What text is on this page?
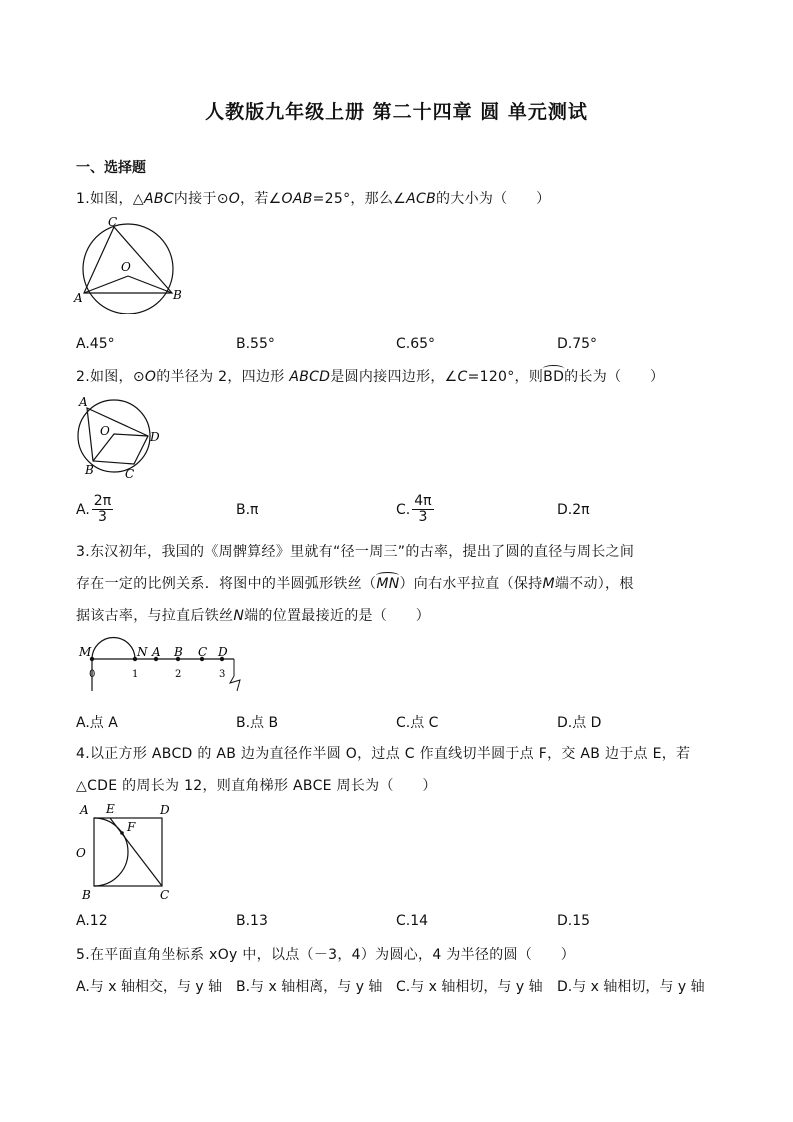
人教版九年级上册 第二十四章 圆 单元测试
一、选择题
1.如图，△ABC内接于⊙O，若∠OAB=25°，那么∠ACB的大小为（　　）
C
O
A	B
A.45°	B.55°	C.65°	D.75°
2.如图，⊙O的半径为 2，四边形 ABCD是圆内接四边形，∠C=120°，则BD的长为（　　）
A
O	D
B	C
A. $\frac{2\pi}{3}$	B.π	C. $\frac{4\pi}{3}$	D.2π
3.东汉初年，我国的《周髀算经》里就有“径一周三”的古率，提出了圆的直径与周长之间
存在一定的比例关系．将图中的半圆弧形铁丝（MN）向右水平拉直（保持M端不动），根
据该古率，与拉直后铁丝N端的位置最接近的是（　　）
M	N A B C D
0	1	2	3
A.点 A	B.点 B	C.点 C	D.点 D
4.以正方形 ABCD 的 AB 边为直径作半圆 O，过点 C 作直线切半圆于点 F，交 AB 边于点 E，若
△CDE 的周长为 12，则直角梯形 ABCE 周长为（　　）
A E	D
F
O
B	C
A.12	B.13	C.14	D.15
5.在平面直角坐标系 xOy 中，以点（－3，4）为圆心，4 为半径的圆（　　）
A.与 x 轴相交，与 y 轴 B.与 x 轴相离，与 y 轴 C.与 x 轴相切，与 y 轴 D.与 x 轴相切，与 y 轴
